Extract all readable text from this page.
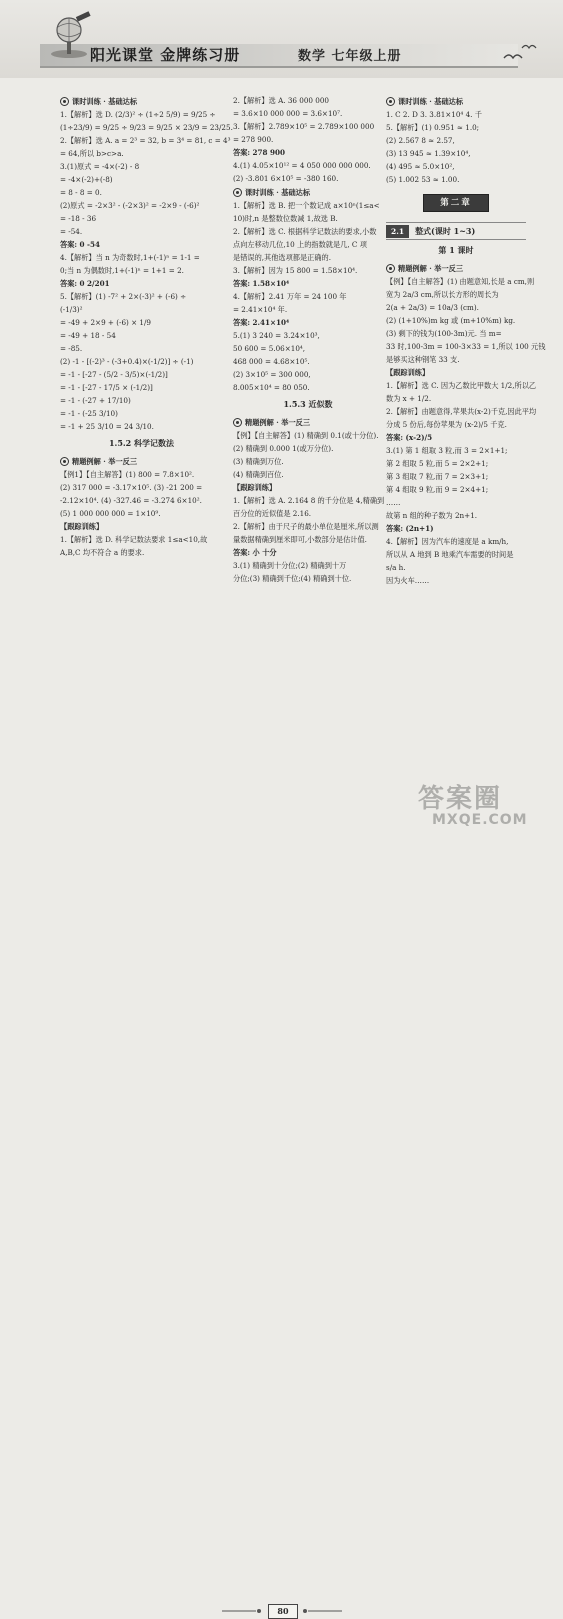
阳光课堂 金牌练习册	数学 七年级上册
课时训练 · 基础达标
1.【解析】选 D. (2/3)² ÷ (1÷2 5/9) = 9/25 ÷
(1÷23/9) = 9/25 ÷ 9/23 = 9/25 × 23/9 = 23/25.
2.【解析】选 A. a = 2³ = 32, b = 3⁴ = 81, c = 4³
= 64,所以 b>c>a.
3.(1)原式 = -4×(-2) - 8
= -4×(-2)+(-8)
= 8 - 8 = 0.
(2)原式 = -2×3² - (-2×3)² = -2×9 - (-6)²
= -18 - 36
= -54.
答案: 0 -54
4.【解析】当 n 为奇数时,1+(-1)ⁿ = 1-1 =
0;当 n 为偶数时,1+(-1)ⁿ = 1+1 = 2.
答案: 0 2/201
5.【解析】(1) -7² + 2×(-3)² + (-6) ÷
(-1/3)²
= -49 + 2×9 + (-6) × 1/9
= -49 + 18 - 54
= -85.
(2) -1 - [(-2)³ - (-3+0.4)×(-1/2)] ÷ (-1)
= -1 - [-27 - (5/2 - 3/5)×(-1/2)]
= -1 - [-27 - 17/5 × (-1/2)]
= -1 - (-27 + 17/10)
= -1 - (-25 3/10)
= -1 + 25 3/10 = 24 3/10.
1.5.2 科学记数法
精题例解 · 举一反三
【例1】【自主解答】(1) 800 = 7.8×10².
(2) 317 000 = -3.17×10⁵. (3) -21 200 =
-2.12×10⁴. (4) -327.46 = -3.274 6×10².
(5) 1 000 000 000 = 1×10⁹.
【跟踪训练】
1.【解析】选 D. 科学记数法要求 1≤a<10,故
A,B,C 均不符合 a 的要求.
2.【解析】选 A. 36 000 000
= 3.6×10 000 000 = 3.6×10⁷.
3.【解析】2.789×10⁵ = 2.789×100 000
= 278 900.
答案: 278 900
4.(1) 4.05×10¹² = 4 050 000 000 000.
(2) -3.801 6×10⁵ = -380 160.
课时训练 · 基础达标
1.【解析】选 B. 把一个数记成 a×10ⁿ(1≤a<
10)时,n 是整数位数减 1,故选 B.
2.【解析】选 C. 根据科学记数法的要求,小数
点向左移动几位,10 上的指数就是几, C 项
是错误的,其他选项都是正确的.
3.【解析】因为 15 800 = 1.58×10⁴.
答案: 1.58×10⁴
4.【解析】2.41 万年 = 24 100 年
= 2.41×10⁴ 年.
答案: 2.41×10⁴
5.(1) 3 240 = 3.24×10³,
50 600 = 5.06×10⁴,
468 000 = 4.68×10⁵.
(2) 3×10⁵ = 300 000,
8.005×10⁴ = 80 050.
1.5.3 近似数
精题例解 · 举一反三
【例】【自主解答】(1) 精确到 0.1(或十分位).
(2) 精确到 0.000 1(或万分位).
(3) 精确到万位.
(4) 精确到百位.
【跟踪训练】
1.【解析】选 A. 2.164 8 的千分位是 4,精确到
百分位的近似值是 2.16.
2.【解析】由于尺子的最小单位是厘米,所以测
量数据精确到厘米即可,小数部分是估计值.
答案: 小 十分
3.(1) 精确到十分位;(2) 精确到十万
分位;(3) 精确到千位;(4) 精确到十位.
课时训练 · 基础达标
1. C 2. D 3. 3.81×10⁴ 4. 千
5.【解析】(1) 0.951 ≈ 1.0;
(2) 2.567 8 ≈ 2.57,
(3) 13 945 ≈ 1.39×10⁴,
(4) 495 ≈ 5.0×10²,
(5) 1.002 53 ≈ 1.00.
第二章
2.1	整式(课时 1~3)
第 1 课时
精题例解 · 举一反三
【例】【自主解答】(1) 由题意知,长是 a cm,则
宽为 2a/3 cm,所以长方形的周长为
2(a + 2a/3) = 10a/3 (cm).
(2) (1+10%)m kg 或 (m+10%m) kg.
(3) 剩下的钱为(100-3m)元. 当 m=
33 时,100-3m = 100-3×33 = 1,所以 100 元钱
是够买这种钢笔 33 支.
【跟踪训练】
1.【解析】选 C. 因为乙数比甲数大 1/2,所以乙
数为 x + 1/2.
2.【解析】由题意得,苹果共(x-2)千克,因此平均
分成 5 份后,每份苹果为 (x-2)/5 千克.
答案: (x-2)/5
3.(1) 第 1 组取 3 粒,而 3 = 2×1+1;
第 2 组取 5 粒,而 5 = 2×2+1;
第 3 组取 7 粒,而 7 = 2×3+1;
第 4 组取 9 粒,而 9 = 2×4+1;
……
故第 n 组的种子数为 2n+1.
答案: (2n+1)
4.【解析】因为汽车的速度是 a km/h,
所以从 A 地到 B 地乘汽车需要的时间是
s/a h.
因为火车……
80
答案圈
MXQE.COM
